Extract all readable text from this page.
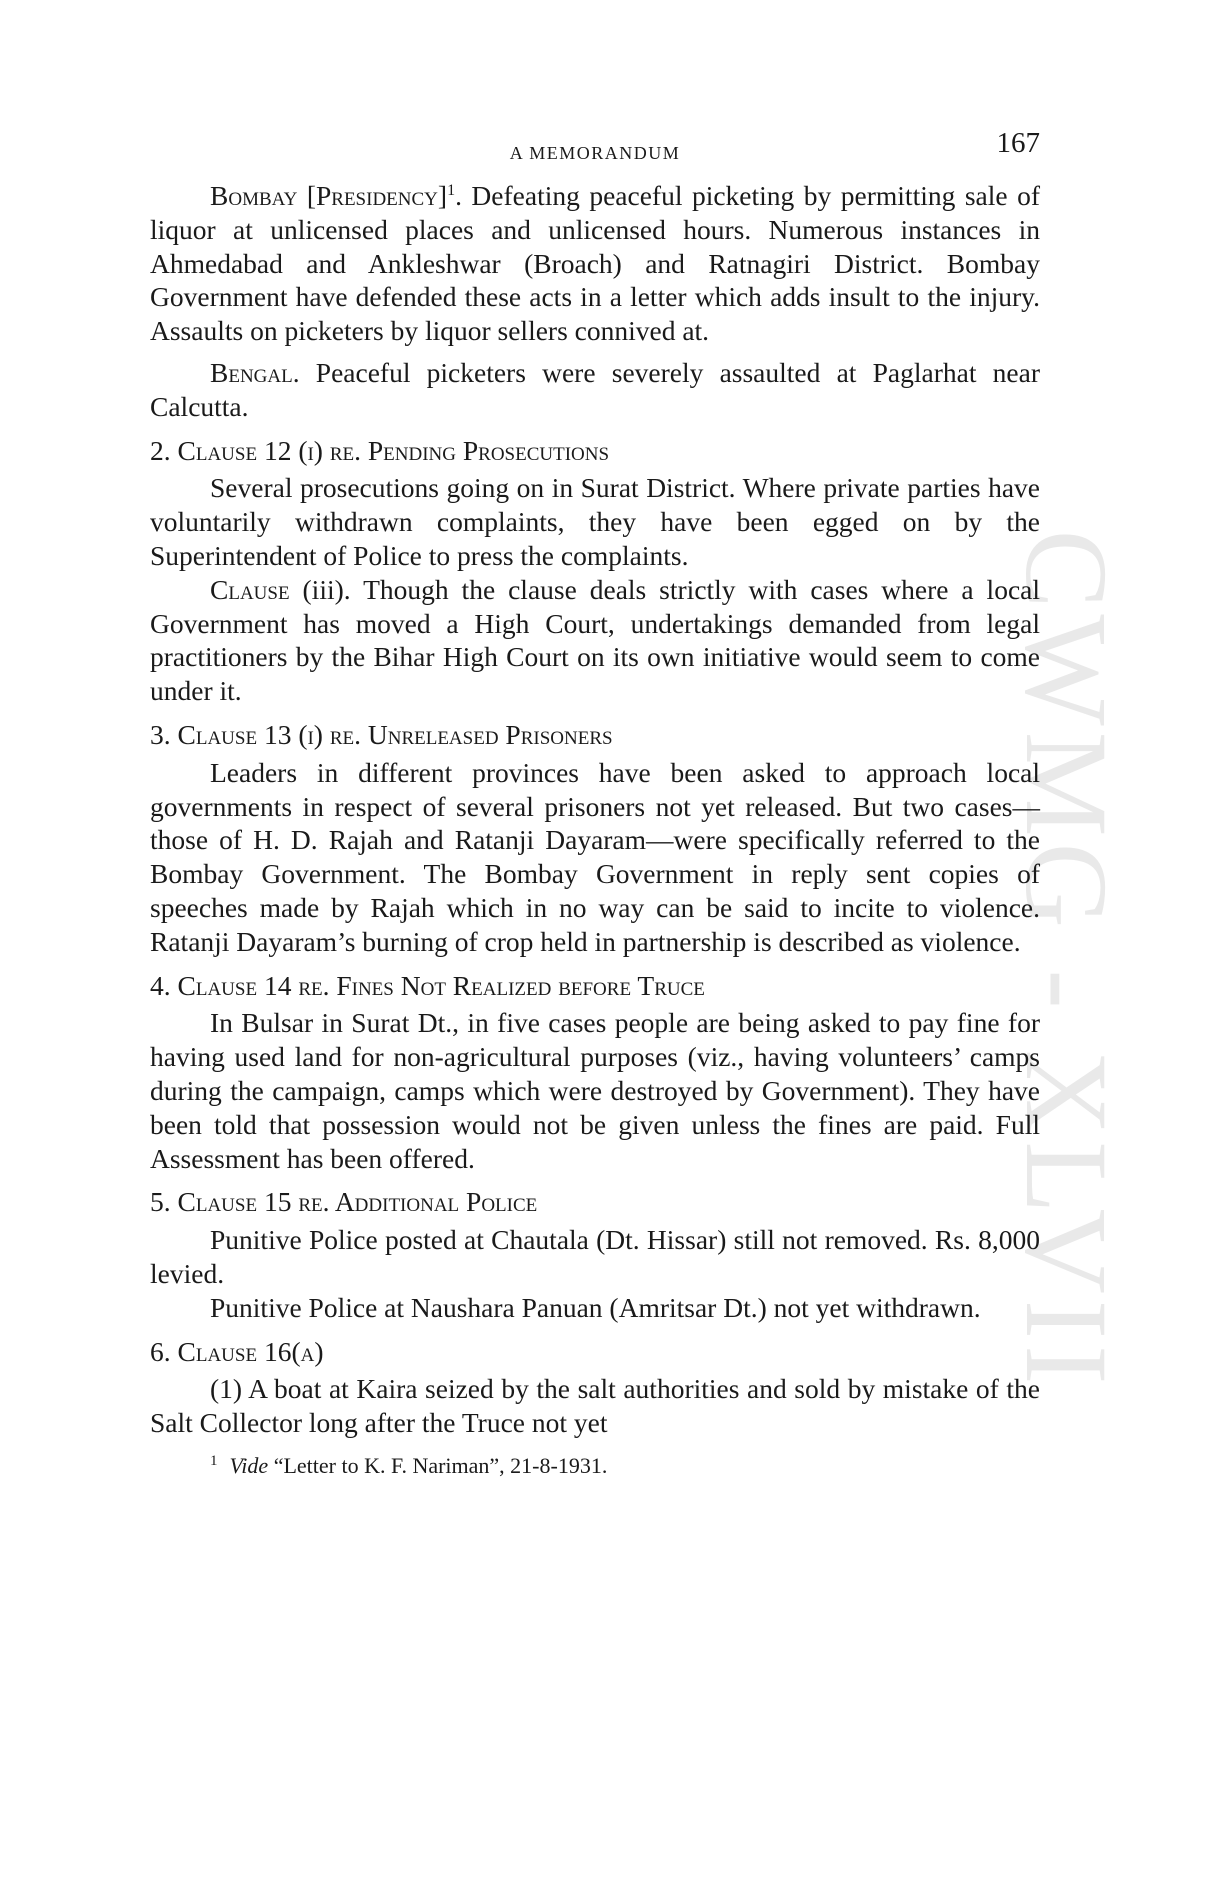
CWMG - XLVII
A MEMORANDUM	167

Bombay [Presidency]$^1$. Defeating peaceful picketing by permitting sale of liquor at unlicensed places and unlicensed hours. Numerous instances in Ahmedabad and Ankleshwar (Broach) and Ratnagiri District. Bombay Government have defended these acts in a letter which adds insult to the injury. Assaults on picketers by liquor sellers connived at.

Bengal. Peaceful picketers were severely assaulted at Paglarhat near Calcutta.

2. Clause 12 (i) re. Pending Prosecutions

Several prosecutions going on in Surat District. Where private parties have voluntarily withdrawn complaints, they have been egged on by the Superintendent of Police to press the complaints.

Clause (iii). Though the clause deals strictly with cases where a local Government has moved a High Court, undertakings demanded from legal practitioners by the Bihar High Court on its own initiative would seem to come under it.

3. Clause 13 (i) re. Unreleased Prisoners

Leaders in different provinces have been asked to approach local governments in respect of several prisoners not yet released. But two cases—those of H. D. Rajah and Ratanji Dayaram—were specifically referred to the Bombay Government. The Bombay Government in reply sent copies of speeches made by Rajah which in no way can be said to incite to violence. Ratanji Dayaram’s burning of crop held in partnership is described as violence.

4. Clause 14 re. Fines Not Realized before Truce

In Bulsar in Surat Dt., in five cases people are being asked to pay fine for having used land for non-agricultural purposes (viz., having volunteers’ camps during the campaign, camps which were destroyed by Government). They have been told that possession would not be given unless the fines are paid. Full Assessment has been offered.

5. Clause 15 re. Additional Police

Punitive Police posted at Chautala (Dt. Hissar) still not removed. Rs. 8,000 levied.

Punitive Police at Naushara Panuan (Amritsar Dt.) not yet withdrawn.

6. Clause 16(a)

(1) A boat at Kaira seized by the salt authorities and sold by mistake of the Salt Collector long after the Truce not yet

$^1$ Vide “Letter to K. F. Nariman”, 21-8-1931.
